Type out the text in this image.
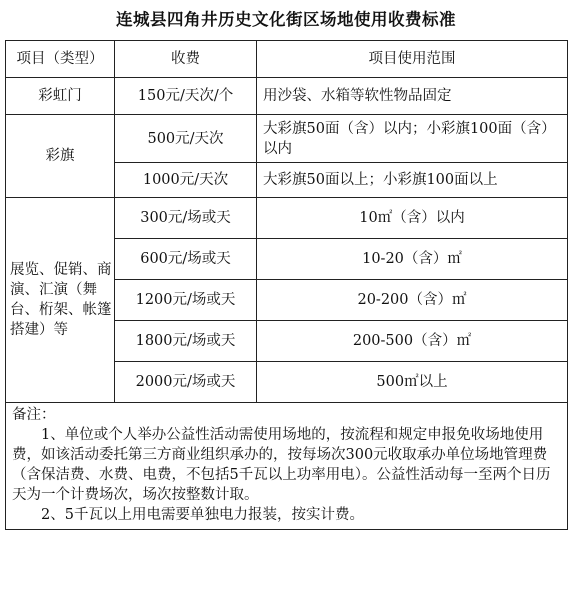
连城县四角井历史文化街区场地使用收费标准
项目（类型）	收费	项目使用范围
彩虹门	150元/天次/个	用沙袋、水箱等软性物品固定
彩旗	500元/天次	大彩旗50面（含）以内；小彩旗100面（含）以内
	1000元/天次	大彩旗50面以上；小彩旗100面以上
展览、促销、商演、汇演（舞台、桁架、帐篷搭建）等	300元/场或天	10㎡（含）以内
	600元/场或天	10-20（含）㎡
	1200元/场或天	20-200（含）㎡
	1800元/场或天	200-500（含）㎡
	2000元/场或天	500㎡以上

备注：

1、单位或个人举办公益性活动需使用场地的，按流程和规定申报免收场地使用费，如该活动委托第三方商业组织承办的，按每场次300元收取承办单位场地管理费（含保洁费、水费、电费，不包括5千瓦以上功率用电）。公益性活动每一至两个日历天为一个计费场次，场次按整数计取。

2、5千瓦以上用电需要单独电力报装，按实计费。		
